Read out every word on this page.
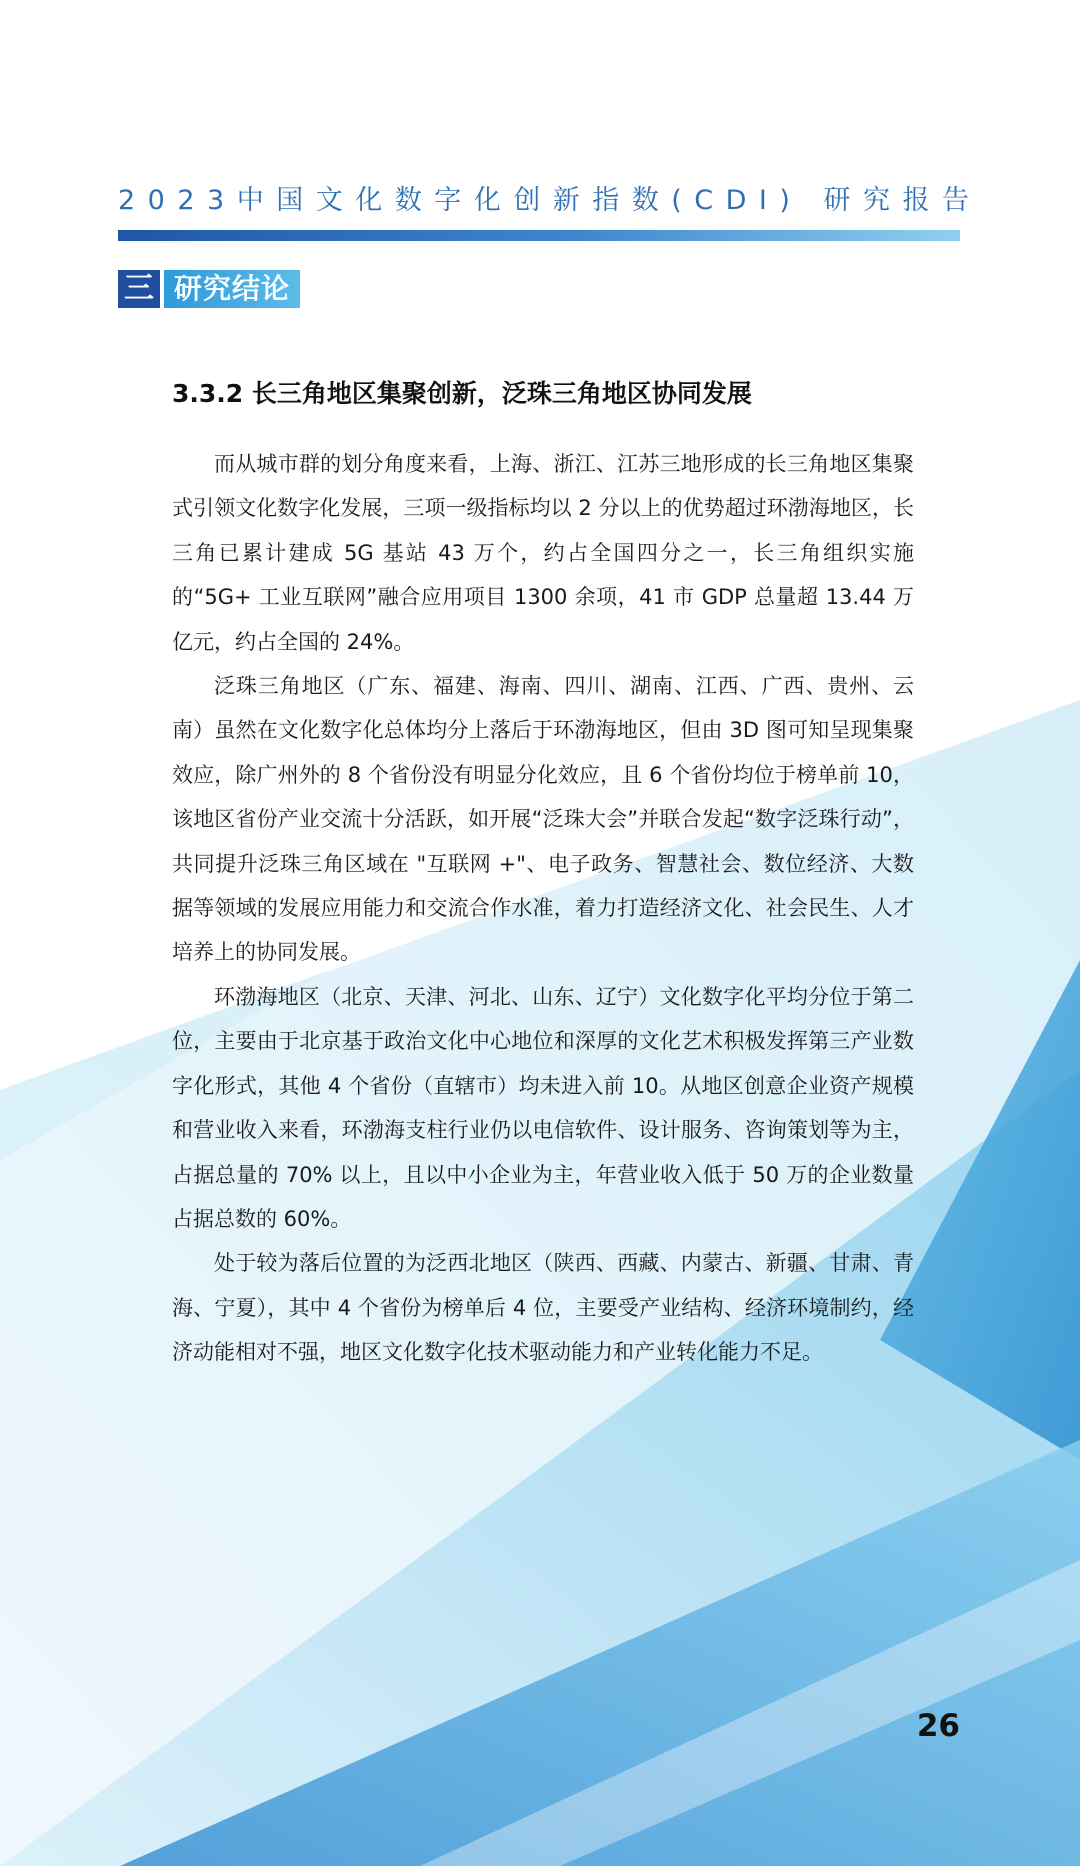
2023中国文化数字化创新指数(CDI) 研究报告
三 研究结论
3.3.2 长三角地区集聚创新，泛珠三角地区协同发展

而从城市群的划分角度来看，上海、浙江、江苏三地形成的长三角地区集聚式引领文化数字化发展，三项一级指标均以 2 分以上的优势超过环渤海地区，长三角已累计建成 5G 基站 43 万个，约占全国四分之一，长三角组织实施的“5G+ 工业互联网”融合应用项目 1300 余项，41 市 GDP 总量超 13.44 万亿元，约占全国的 24%。

泛珠三角地区（广东、福建、海南、四川、湖南、江西、广西、贵州、云南）虽然在文化数字化总体均分上落后于环渤海地区，但由 3D 图可知呈现集聚效应，除广州外的 8 个省份没有明显分化效应，且 6 个省份均位于榜单前 10，该地区省份产业交流十分活跃，如开展“泛珠大会”并联合发起“数字泛珠行动”，共同提升泛珠三角区域在 "互联网 +"、电子政务、智慧社会、数位经济、大数据等领域的发展应用能力和交流合作水准，着力打造经济文化、社会民生、人才培养上的协同发展。

环渤海地区（北京、天津、河北、山东、辽宁）文化数字化平均分位于第二位，主要由于北京基于政治文化中心地位和深厚的文化艺术积极发挥第三产业数字化形式，其他 4 个省份（直辖市）均未进入前 10。从地区创意企业资产规模和营业收入来看，环渤海支柱行业仍以电信软件、设计服务、咨询策划等为主，占据总量的 70% 以上，且以中小企业为主，年营业收入低于 50 万的企业数量占据总数的 60%。

处于较为落后位置的为泛西北地区（陕西、西藏、内蒙古、新疆、甘肃、青海、宁夏），其中 4 个省份为榜单后 4 位，主要受产业结构、经济环境制约，经济动能相对不强，地区文化数字化技术驱动能力和产业转化能力不足。

26
